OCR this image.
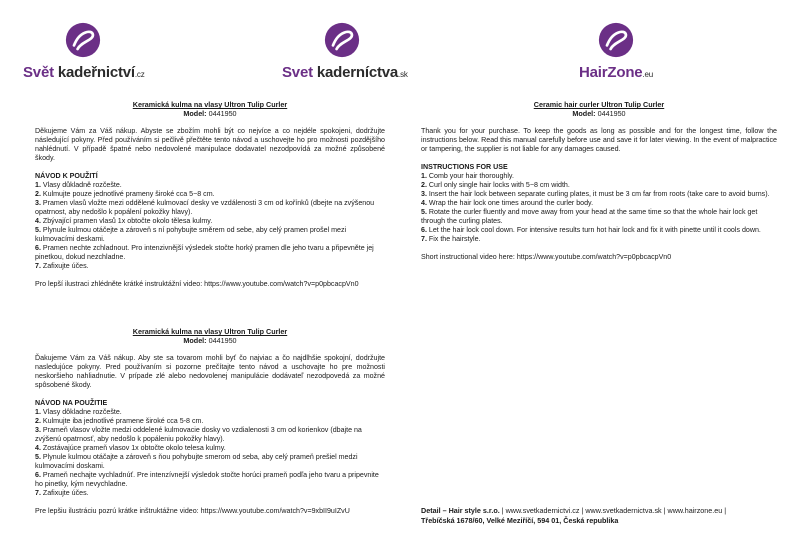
Svět kadeřnictví.cz	Svet kaderníctva.sk	HairZone.eu
Keramická kulma na vlasy Ultron Tulip Curler
Model: 0441950

Děkujeme Vám za Váš nákup. Abyste se zbožím mohli být co nejvíce a co nejdéle spokojeni, dodržujte následující pokyny. Před používáním si pečlivě přečtěte tento návod a uschovejte ho pro možnosti pozdějšího nahlédnutí. V případě špatné nebo nedovolené manipulace dodavatel nezodpovídá za možné způsobené škody.

NÁVOD K POUŽITÍ

1. Vlasy důkladně rozčešte.

2. Kulmujte pouze jednotlivé prameny široké cca 5−8 cm.

3. Pramen vlasů vložte mezi oddělené kulmovací desky ve vzdálenosti 3 cm od kořínků (dbejte na zvýšenou opatrnost, aby nedošlo k popálení pokožky hlavy).

4. Zbývající pramen vlasů 1x obtočte okolo tělesa kulmy.

5. Plynule kulmou otáčejte a zároveň s ní pohybujte směrem od sebe, aby celý pramen prošel mezi kulmovacími deskami.

6. Pramen nechte zchladnout. Pro intenzivnější výsledek stočte horký pramen dle jeho tvaru a připevněte jej pinetkou, dokud nezchladne.

7. Zafixujte účes.

Pro lepší ilustraci zhlédněte krátké instruktážní video: https://www.youtube.com/watch?v=p0pbcacpVn0

Keramická kulma na vlasy Ultron Tulip Curler
Model: 0441950

Ďakujeme Vám za Váš nákup. Aby ste sa tovarom mohli byť čo najviac a čo najdlhšie spokojní, dodržujte nasledujúce pokyny. Pred používaním si pozorne prečítajte tento návod a uschovajte ho pre možnosti neskoršieho nahliadnutie. V prípade zlé alebo nedovolenej manipulácie dodávateľ nezodpovedá za možné spôsobené škody.

NÁVOD NA POUŽITIE

1. Vlasy dôkladne rozčešte.

2. Kulmujte iba jednotlivé pramene široké cca 5-8 cm.

3. Prameň vlasov vložte medzi oddelené kulmovacie dosky vo vzdialenosti 3 cm od korienkov (dbajte na zvýšenú opatrnosť, aby nedošlo k popáleniu pokožky hlavy).

4. Zostávajúce prameň vlasov 1x obtočte okolo telesa kulmy.

5. Plynule kulmou otáčajte a zároveň s ňou pohybujte smerom od seba, aby celý prameň prešiel medzi kulmovacími doskami.

6. Prameň nechajte vychladnúť. Pre intenzívnejší výsledok stočte horúci prameň podľa jeho tvaru a pripevnite ho pinetky, kým nevychladne.

7. Zafixujte účes.

Pre lepšiu ilustráciu pozrú krátke inštruktážne video: https://www.youtube.com/watch?v=9xbII9uIZvU

Ceramic hair curler Ultron Tulip Curler
Model: 0441950

Thank you for your purchase. To keep the goods as long as possible and for the longest time, follow the instructions below. Read this manual carefully before use and save it for later viewing. In the event of malpractice or tampering, the supplier is not liable for any damages caused.

INSTRUCTIONS FOR USE

1. Comb your hair thoroughly.

2. Curl only single hair locks with 5−8 cm width.

3. Insert the hair lock between separate curling plates, it must be 3 cm far from roots (take care to avoid burns).

4. Wrap the hair lock one times around the curler body.

5. Rotate the curler fluently and move away from your head at the same time so that the whole hair lock get through the curling plates.

6. Let the hair lock cool down. For intensive results turn hot hair lock and fix it with pinette until it cools down.

7. Fix the hairstyle.

Short instructional video here: https://www.youtube.com/watch?v=p0pbcacpVn0

Detail – Hair style s.r.o. | www.svetkadernictvi.cz | www.svetkadernictva.sk | www.hairzone.eu |
Třebíčská 1678/60, Velké Meziříčí, 594 01, Česká republika
